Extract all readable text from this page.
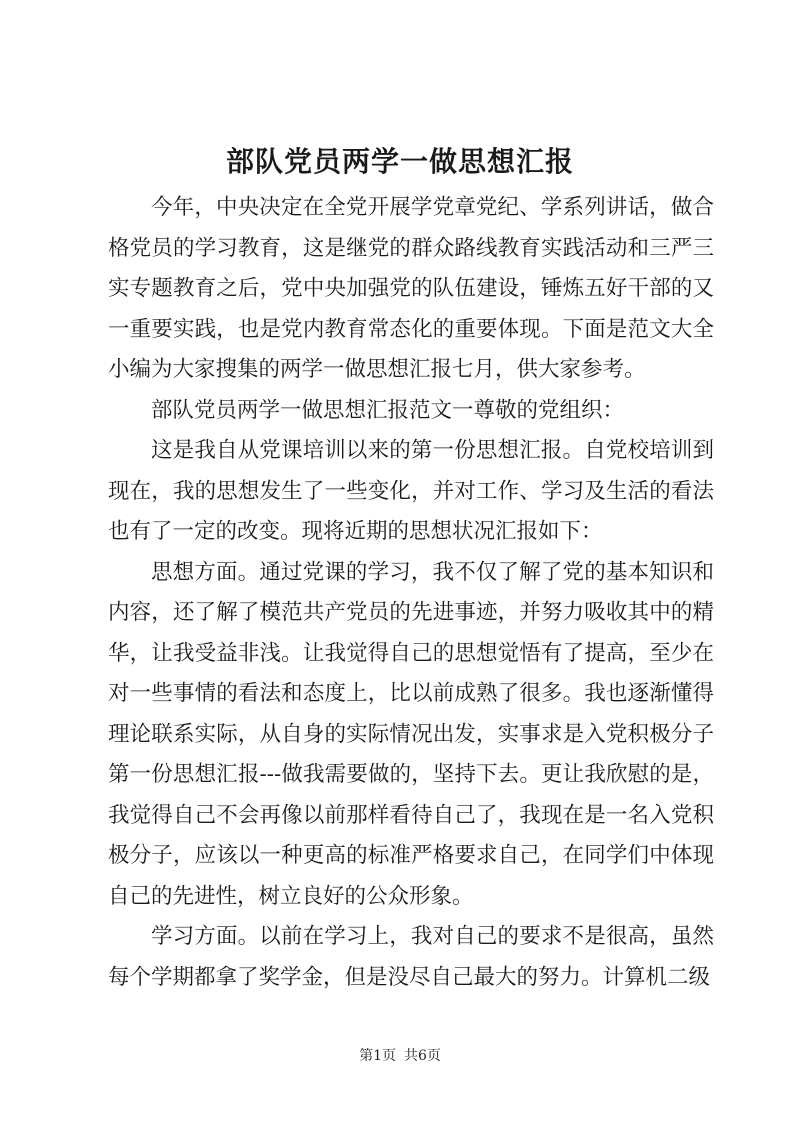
部队党员两学一做思想汇报

今年，中央决定在全党开展学党章党纪、学系列讲话，做合格党员的学习教育，这是继党的群众路线教育实践活动和三严三实专题教育之后，党中央加强党的队伍建设，锤炼五好干部的又一重要实践，也是党内教育常态化的重要体现。下面是范文大全小编为大家搜集的两学一做思想汇报七月，供大家参考。

部队党员两学一做思想汇报范文一尊敬的党组织：

这是我自从党课培训以来的第一份思想汇报。自党校培训到现在，我的思想发生了一些变化，并对工作、学习及生活的看法也有了一定的改变。现将近期的思想状况汇报如下：

思想方面。通过党课的学习，我不仅了解了党的基本知识和内容，还了解了模范共产党员的先进事迹，并努力吸收其中的精华，让我受益非浅。让我觉得自己的思想觉悟有了提高，至少在对一些事情的看法和态度上，比以前成熟了很多。我也逐渐懂得理论联系实际，从自身的实际情况出发，实事求是入党积极分子第一份思想汇报---做我需要做的，坚持下去。更让我欣慰的是，我觉得自己不会再像以前那样看待自己了，我现在是一名入党积极分子，应该以一种更高的标准严格要求自己，在同学们中体现自己的先进性，树立良好的公众形象。

学习方面。以前在学习上，我对自己的要求不是很高，虽然每个学期都拿了奖学金，但是没尽自己最大的努力。计算机二级

第1页 共6页
